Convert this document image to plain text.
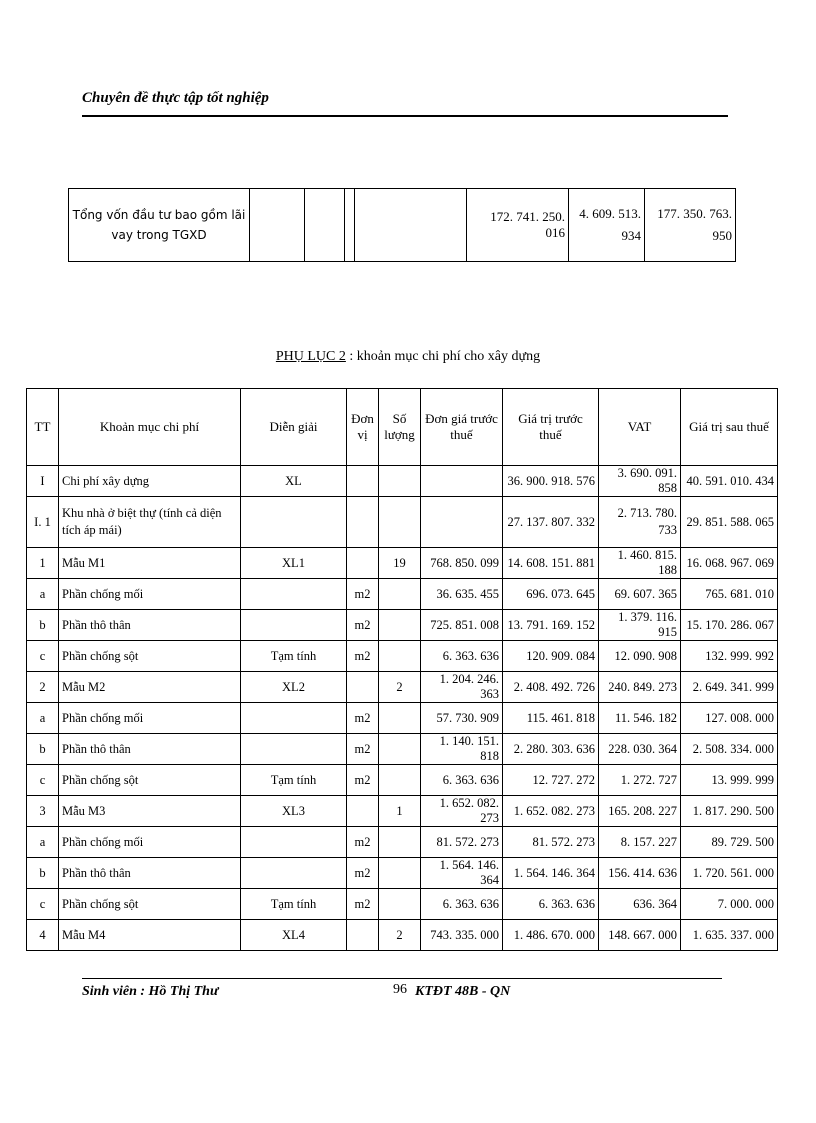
Chuyên đề thực tập tốt nghiệp
Tổng vốn đầu tư bao gồm lãi vay trong TGXD					172. 741. 250. 016	4. 609. 513. 934	177. 350. 763. 950
PHỤ LỤC 2 : khoản mục chi phí cho xây dựng
TT	Khoản mục chi phí	Diễn giải	Đơn vị	Số lượng	Đơn giá trước thuế	Giá trị trước thuế	VAT	Giá trị sau thuế
I	Chi phí xây dựng	XL				36. 900. 918. 576	3. 690. 091. 858	40. 591. 010. 434
I. 1	Khu nhà ở biệt thự (tính cả diện tích áp mái)					27. 137. 807. 332	2. 713. 780. 733	29. 851. 588. 065
1	Mẫu M1	XL1		19	768. 850. 099	14. 608. 151. 881	1. 460. 815. 188	16. 068. 967. 069
a	Phần chống mối		m2		36. 635. 455	696. 073. 645	69. 607. 365	765. 681. 010
b	Phần thô thân		m2		725. 851. 008	13. 791. 169. 152	1. 379. 116. 915	15. 170. 286. 067
c	Phần chống sột	Tạm tính	m2		6. 363. 636	120. 909. 084	12. 090. 908	132. 999. 992
2	Mẫu M2	XL2		2	1. 204. 246. 363	2. 408. 492. 726	240. 849. 273	2. 649. 341. 999
a	Phần chống mối		m2		57. 730. 909	115. 461. 818	11. 546. 182	127. 008. 000
b	Phần thô thân		m2		1. 140. 151. 818	2. 280. 303. 636	228. 030. 364	2. 508. 334. 000
c	Phần chống sột	Tạm tính	m2		6. 363. 636	12. 727. 272	1. 272. 727	13. 999. 999
3	Mẫu M3	XL3		1	1. 652. 082. 273	1. 652. 082. 273	165. 208. 227	1. 817. 290. 500
a	Phần chống mối		m2		81. 572. 273	81. 572. 273	8. 157. 227	89. 729. 500
b	Phần thô thân		m2		1. 564. 146. 364	1. 564. 146. 364	156. 414. 636	1. 720. 561. 000
c	Phần chống sột	Tạm tính	m2		6. 363. 636	6. 363. 636	636. 364	7. 000. 000
4	Mẫu M4	XL4		2	743. 335. 000	1. 486. 670. 000	148. 667. 000	1. 635. 337. 000
Sinh viên : Hồ Thị Thư	96 KTĐT 48B - QN
